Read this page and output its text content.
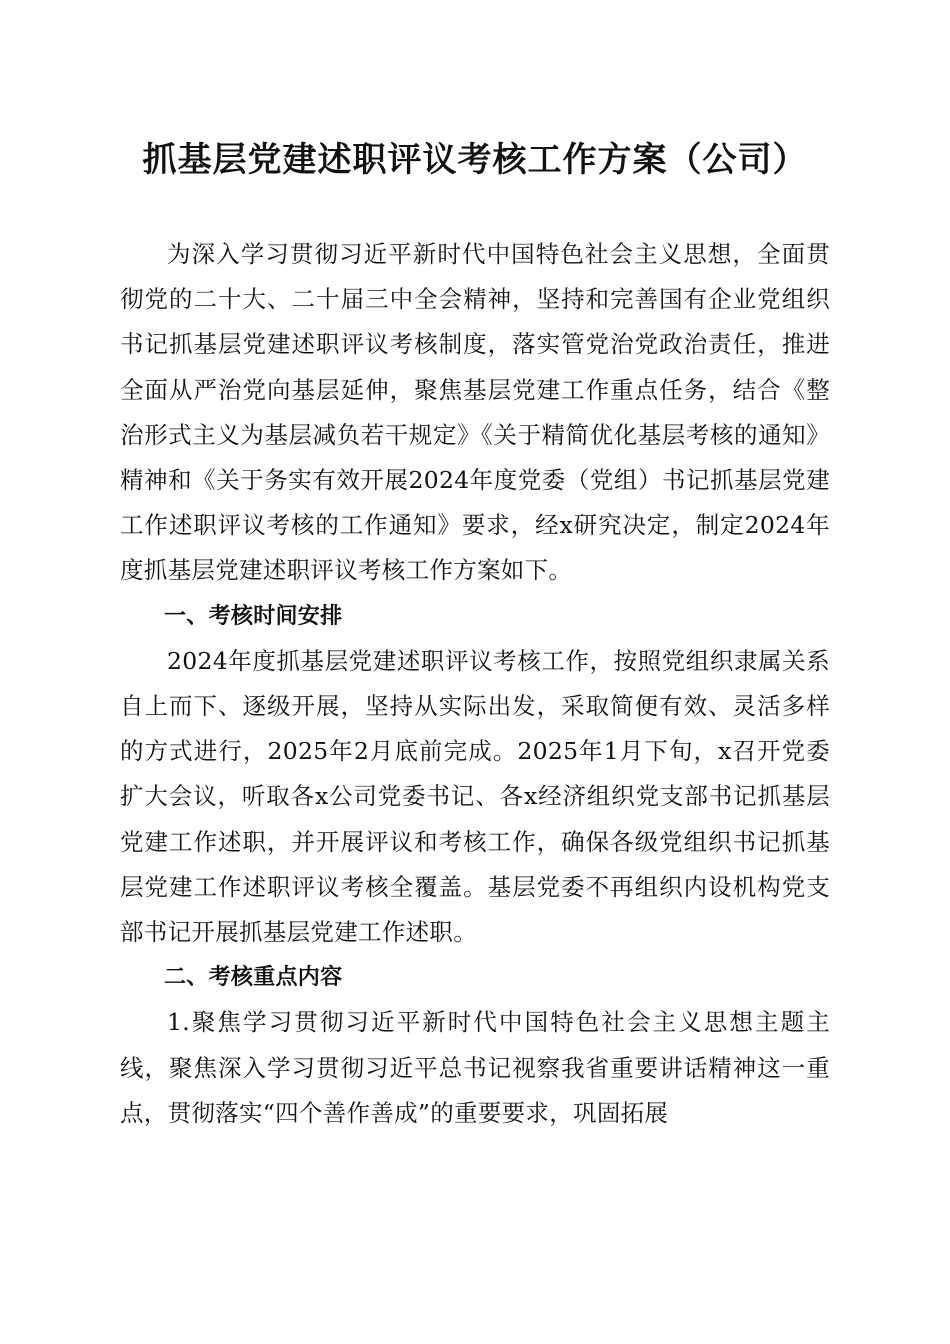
抓基层党建述职评议考核工作方案（公司）

为深入学习贯彻习近平新时代中国特色社会主义思想，全面贯彻党的二十大、二十届三中全会精神，坚持和完善国有企业党组织书记抓基层党建述职评议考核制度，落实管党治党政治责任，推进全面从严治党向基层延伸，聚焦基层党建工作重点任务，结合《整治形式主义为基层减负若干规定》《关于精简优化基层考核的通知》精神和《关于务实有效开展2024年度党委（党组）书记抓基层党建工作述职评议考核的工作通知》要求，经x研究决定，制定2024年度抓基层党建述职评议考核工作方案如下。

一、考核时间安排

2024年度抓基层党建述职评议考核工作，按照党组织隶属关系自上而下、逐级开展，坚持从实际出发，采取简便有效、灵活多样的方式进行，2025年2月底前完成。2025年1月下旬，x召开党委扩大会议，听取各x公司党委书记、各x经济组织党支部书记抓基层党建工作述职，并开展评议和考核工作，确保各级党组织书记抓基层党建工作述职评议考核全覆盖。基层党委不再组织内设机构党支部书记开展抓基层党建工作述职。

二、考核重点内容

1.聚焦学习贯彻习近平新时代中国特色社会主义思想主题主线，聚焦深入学习贯彻习近平总书记视察我省重要讲话精神这一重点，贯彻落实“四个善作善成”的重要要求，巩固拓展
